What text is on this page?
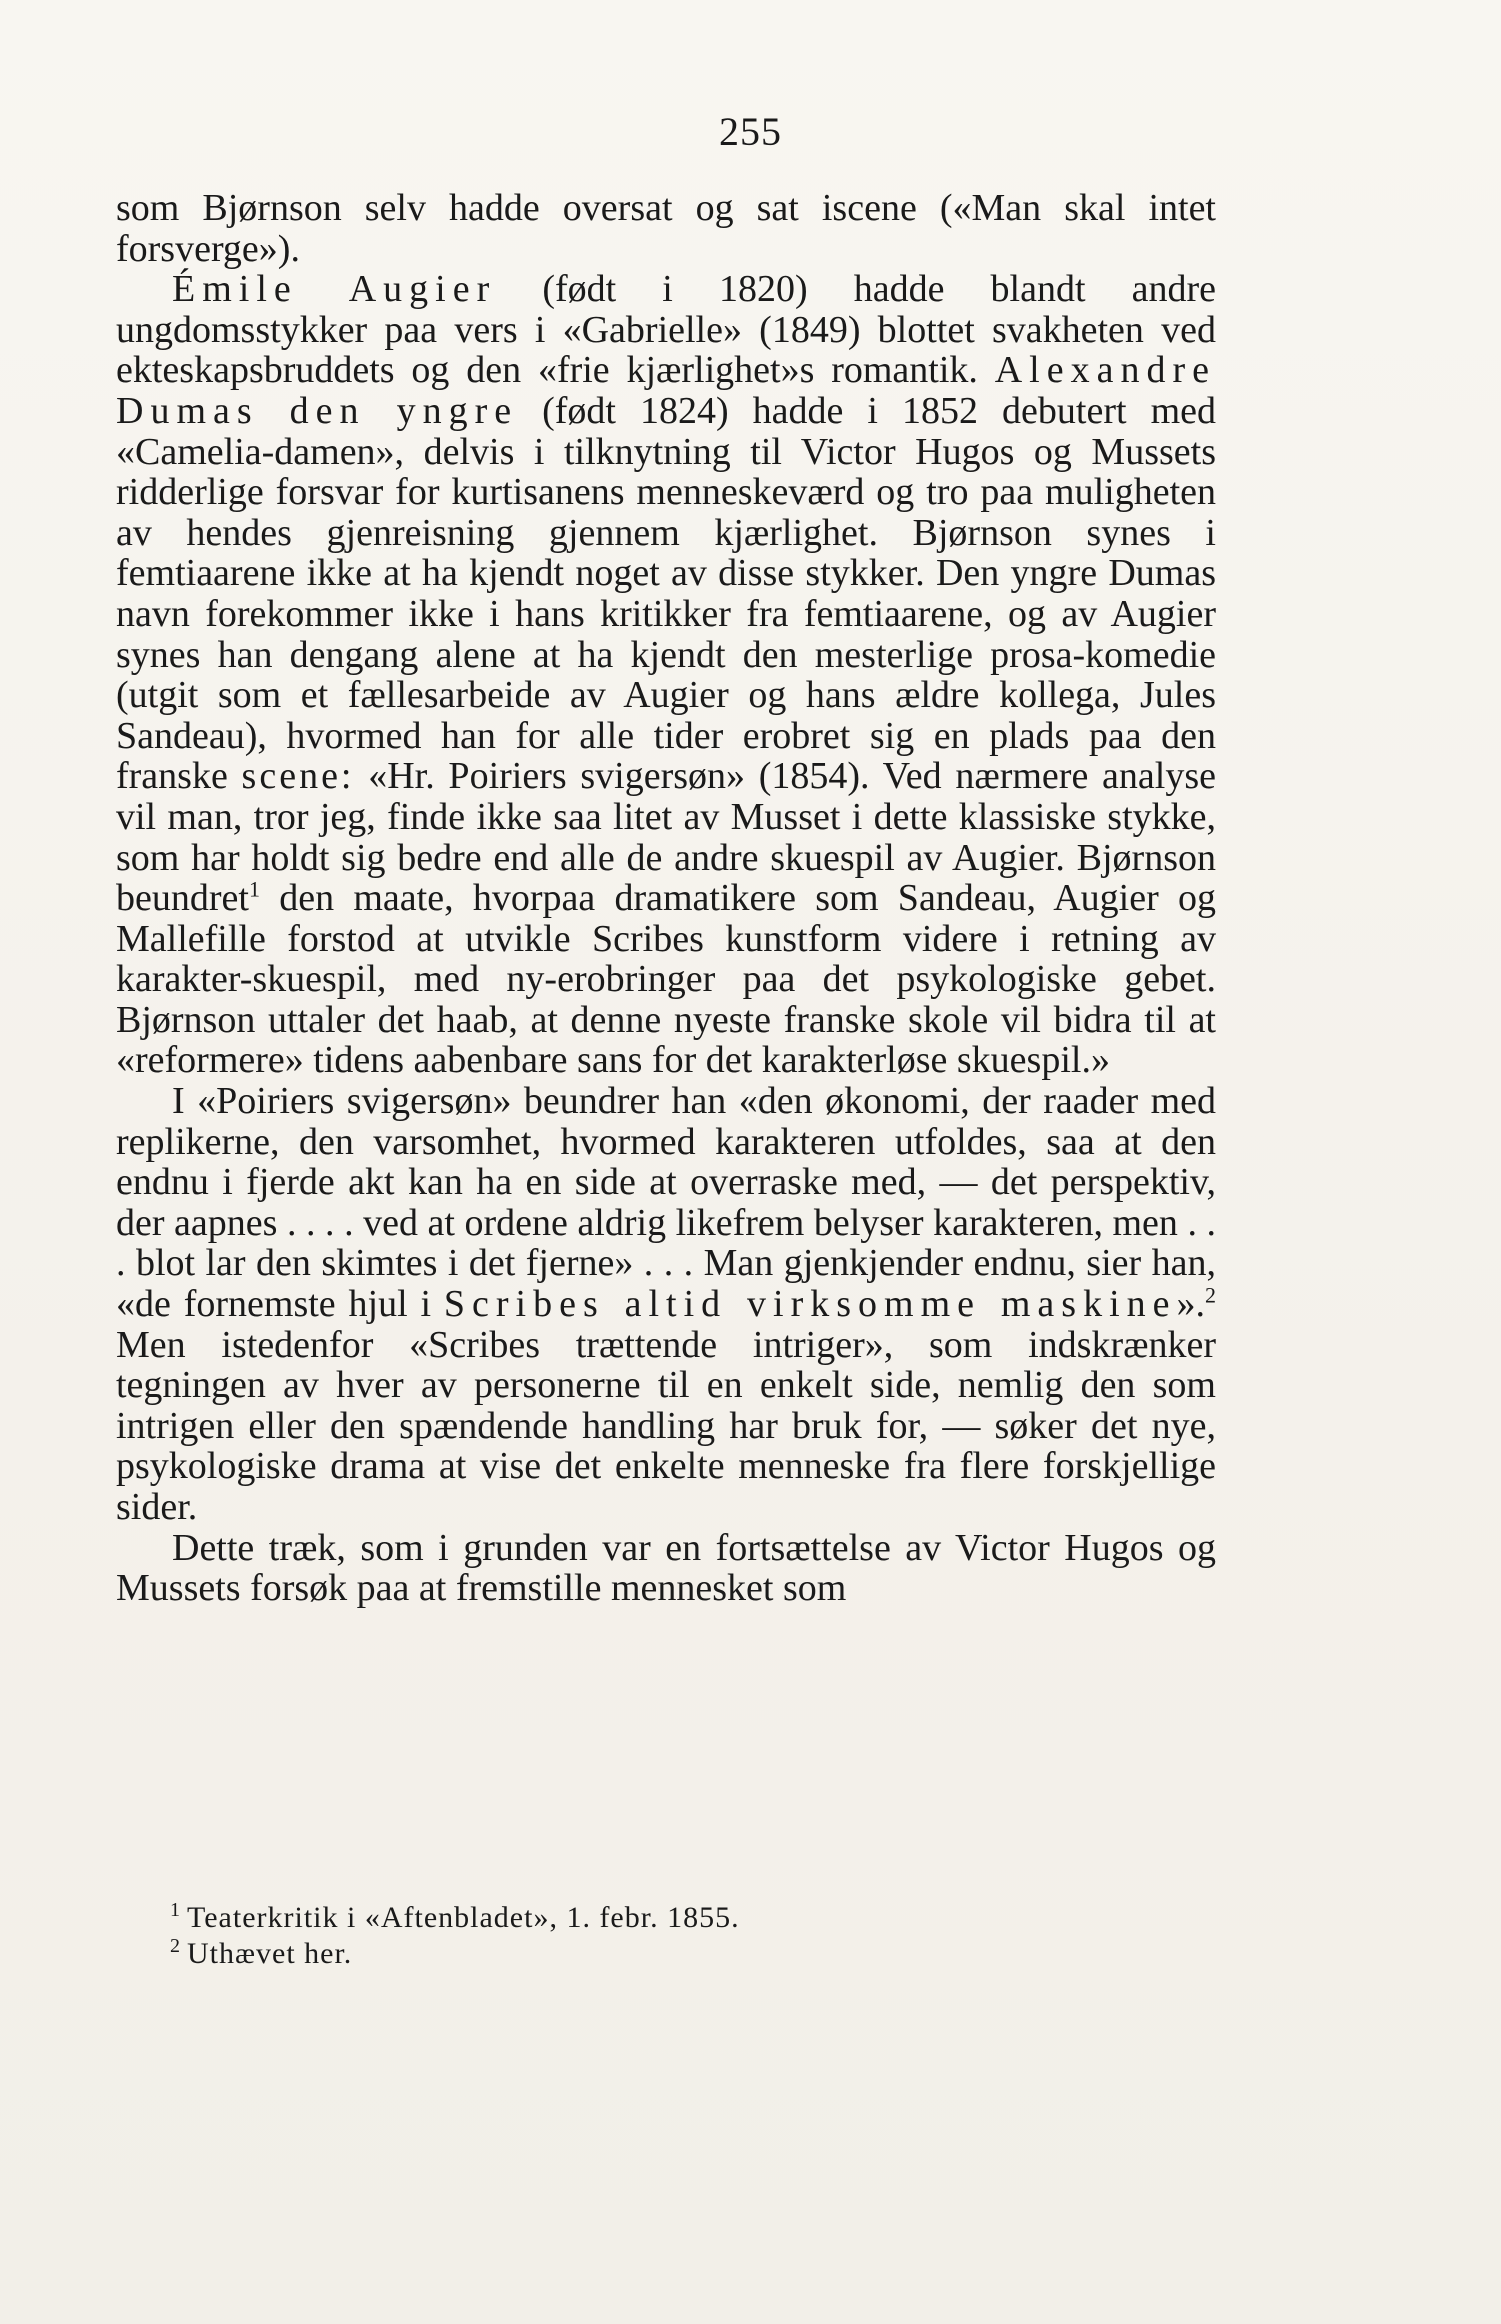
255

som Bjørnson selv hadde oversat og sat iscene («Man skal intet forsverge»).

Émile Augier (født i 1820) hadde blandt andre ungdomsstykker paa vers i «Gabrielle» (1849) blottet svakheten ved ekteskapsbruddets og den «frie kjærlighet»s romantik. Alexandre Dumas den yngre (født 1824) hadde i 1852 debutert med «Camelia-damen», delvis i tilknytning til Victor Hugos og Mussets ridderlige forsvar for kurtisanens menneskeværd og tro paa muligheten av hendes gjenreisning gjennem kjærlighet. Bjørnson synes i femtiaarene ikke at ha kjendt noget av disse stykker. Den yngre Dumas navn forekommer ikke i hans kritikker fra femtiaarene, og av Augier synes han dengang alene at ha kjendt den mesterlige prosa-komedie (utgit som et fællesarbeide av Augier og hans ældre kollega, Jules Sandeau), hvormed han for alle tider erobret sig en plads paa den franske scene: «Hr. Poiriers svigersøn» (1854). Ved nærmere analyse vil man, tror jeg, finde ikke saa litet av Musset i dette klassiske stykke, som har holdt sig bedre end alle de andre skuespil av Augier. Bjørnson beundret$^1$ den maate, hvorpaa dramatikere som Sandeau, Augier og Mallefille forstod at utvikle Scribes kunstform videre i retning av karakter-skuespil, med ny-erobringer paa det psykologiske gebet. Bjørnson uttaler det haab, at denne nyeste franske skole vil bidra til at «reformere» tidens aabenbare sans for det karakterløse skuespil.»

I «Poiriers svigersøn» beundrer han «den økonomi, der raader med replikerne, den varsomhet, hvormed karakteren utfoldes, saa at den endnu i fjerde akt kan ha en side at overraske med, — det perspektiv, der aapnes . . . . ved at ordene aldrig likefrem belyser karakteren, men . . . blot lar den skimtes i det fjerne» . . . Man gjenkjender endnu, sier han, «de fornemste hjul i Scribes altid virksomme maskine».$^2$ Men istedenfor «Scribes trættende intriger», som indskrænker tegningen av hver av personerne til en enkelt side, nemlig den som intrigen eller den spændende handling har bruk for, — søker det nye, psykologiske drama at vise det enkelte menneske fra flere forskjellige sider.

Dette træk, som i grunden var en fortsættelse av Victor Hugos og Mussets forsøk paa at fremstille mennesket som

$^1$ Teaterkritik i «Aftenbladet», 1. febr. 1855.

$^2$ Uthævet her.
